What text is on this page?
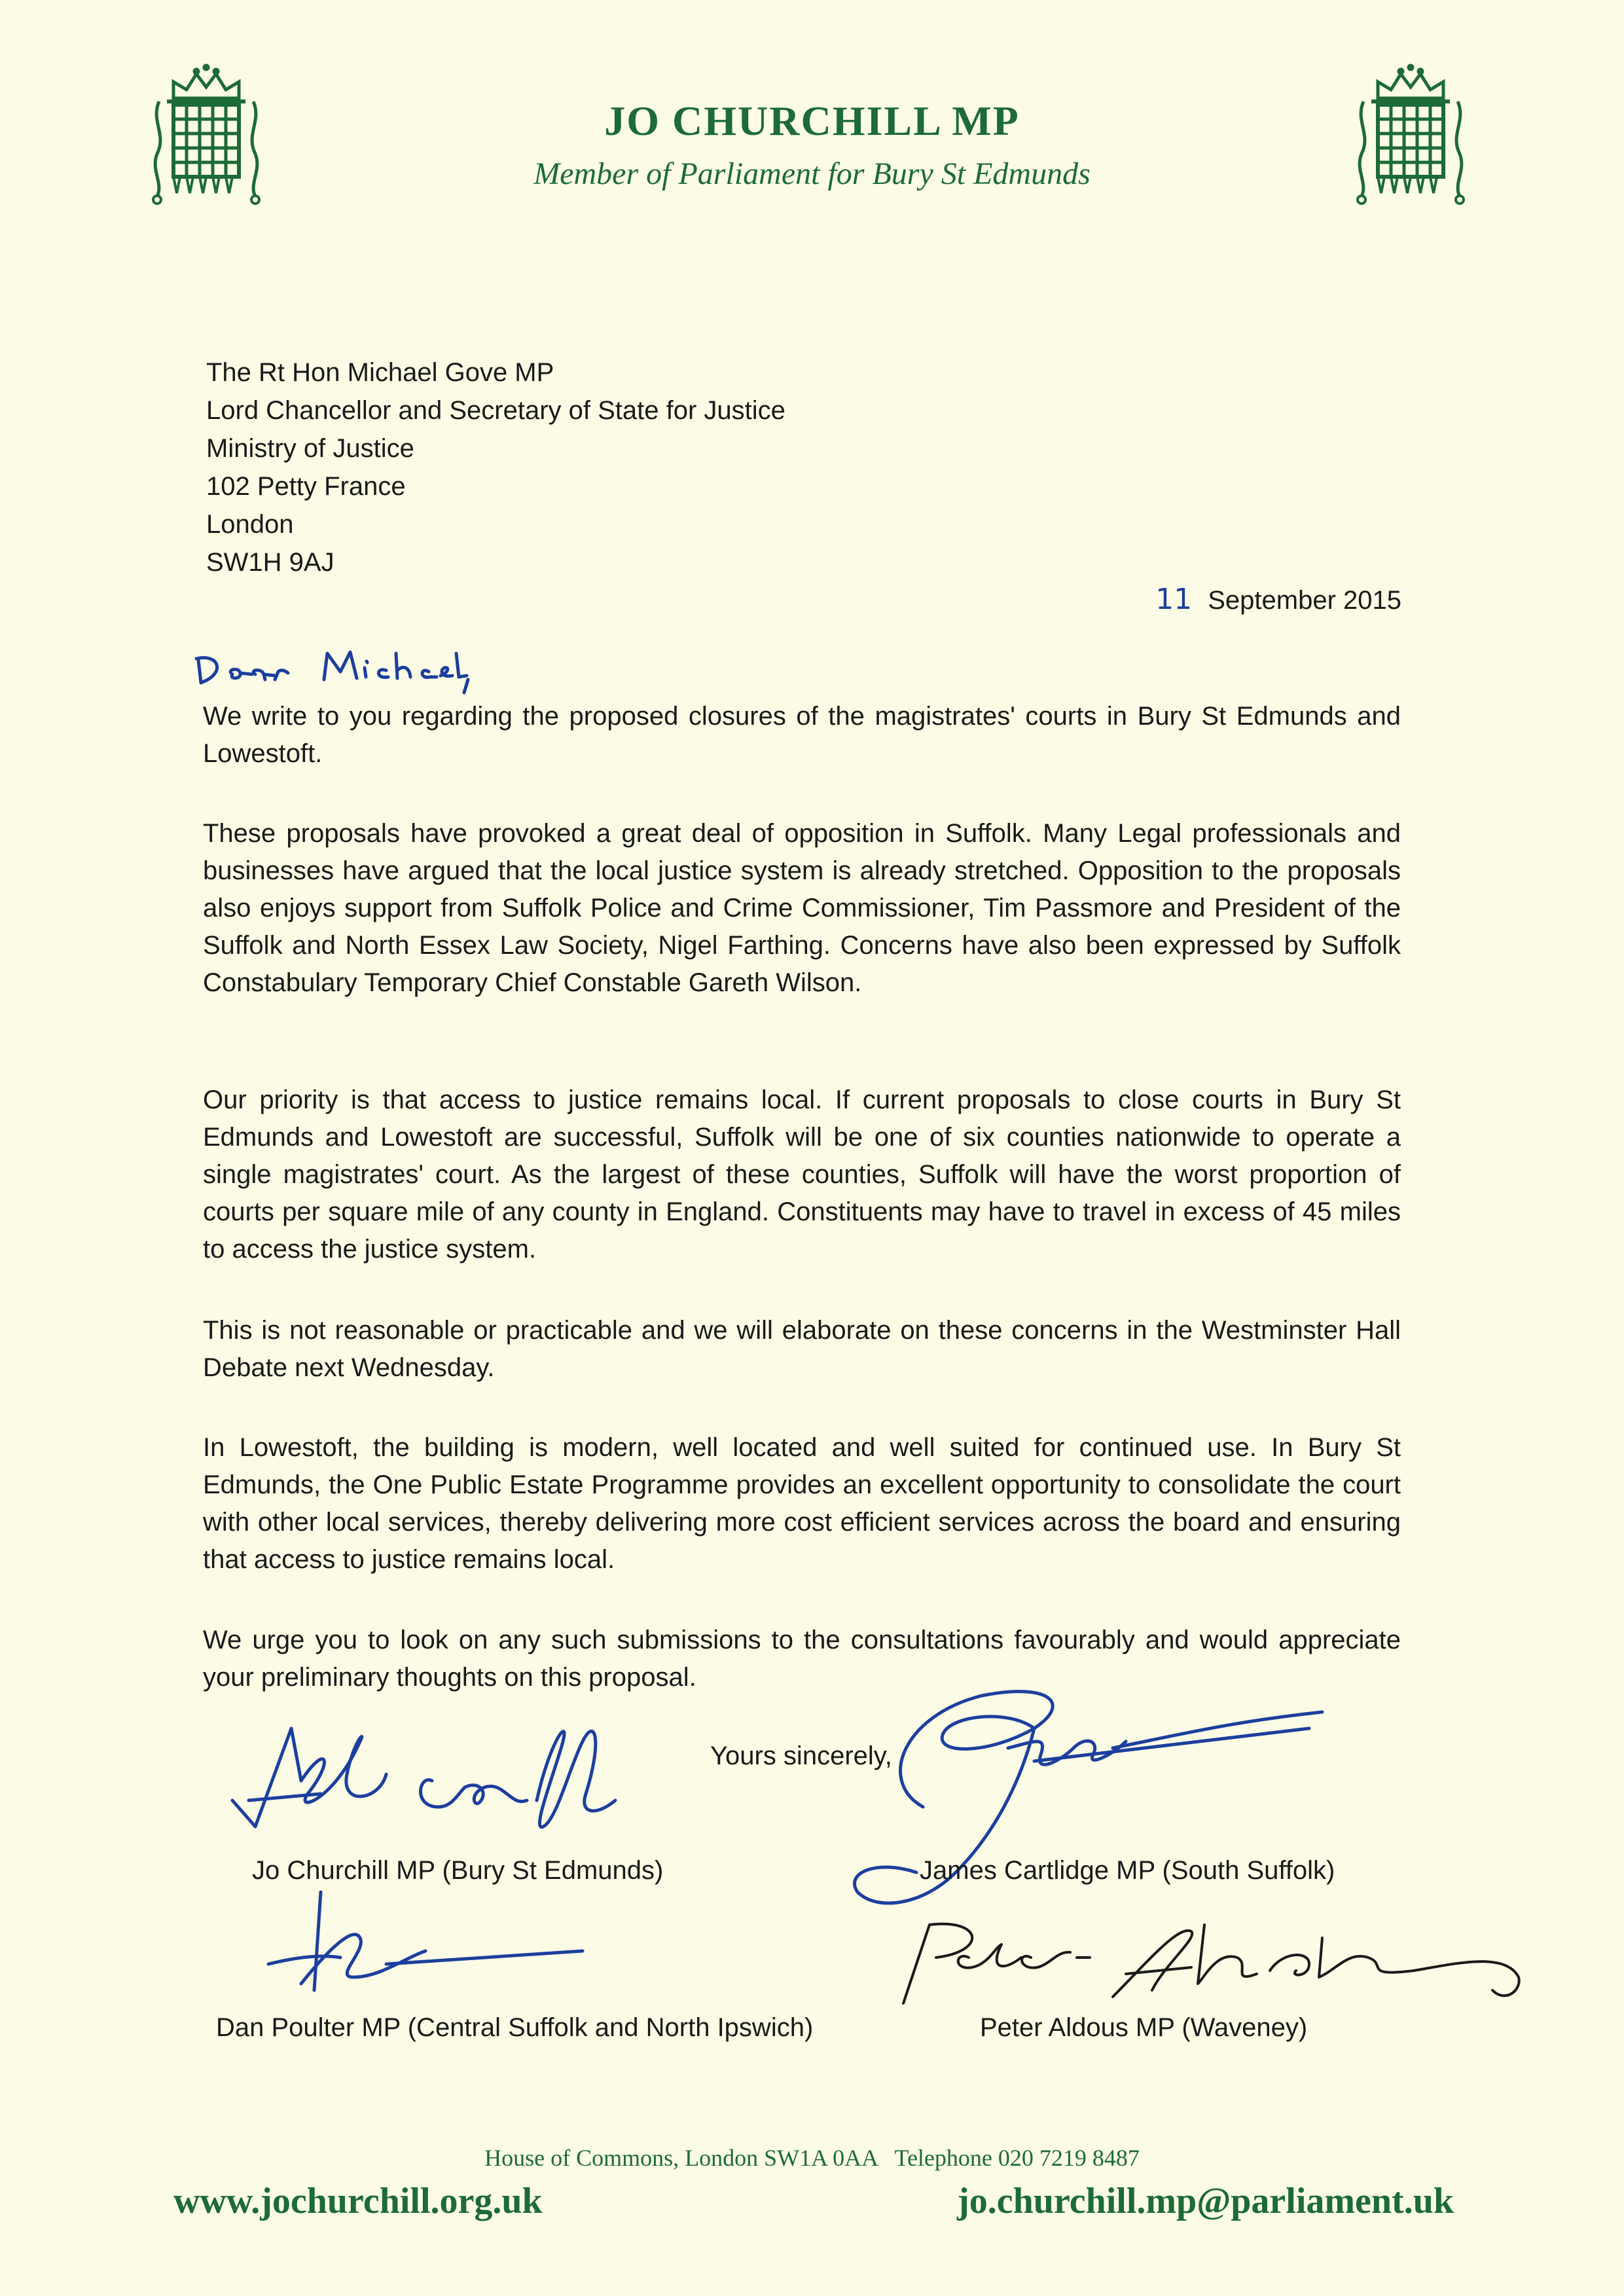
JO CHURCHILL MP
Member of Parliament for Bury St Edmunds
The Rt Hon Michael Gove MP
Lord Chancellor and Secretary of State for Justice
Ministry of Justice
102 Petty France
London
SW1H 9AJ
11 September 2015
We write to you regarding the proposed closures of the magistrates' courts in Bury St Edmunds and Lowestoft.
These proposals have provoked a great deal of opposition in Suffolk. Many Legal professionals and businesses have argued that the local justice system is already stretched. Opposition to the proposals also enjoys support from Suffolk Police and Crime Commissioner, Tim Passmore and President of the Suffolk and North Essex Law Society, Nigel Farthing. Concerns have also been expressed by Suffolk Constabulary Temporary Chief Constable Gareth Wilson.
Our priority is that access to justice remains local. If current proposals to close courts in Bury St Edmunds and Lowestoft are successful, Suffolk will be one of six counties nationwide to operate a single magistrates' court. As the largest of these counties, Suffolk will have the worst proportion of courts per square mile of any county in England. Constituents may have to travel in excess of 45 miles to access the justice system.
This is not reasonable or practicable and we will elaborate on these concerns in the Westminster Hall Debate next Wednesday.
In Lowestoft, the building is modern, well located and well suited for continued use. In Bury St Edmunds, the One Public Estate Programme provides an excellent opportunity to consolidate the court with other local services, thereby delivering more cost efficient services across the board and ensuring that access to justice remains local.
We urge you to look on any such submissions to the consultations favourably and would appreciate your preliminary thoughts on this proposal.
Yours sincerely,
Jo Churchill MP (Bury St Edmunds)	James Cartlidge MP (South Suffolk)
Dan Poulter MP (Central Suffolk and North Ipswich)	Peter Aldous MP (Waveney)
House of Commons, London SW1A 0AA   Telephone 020 7219 8487
www.jochurchill.org.uk	jo.churchill.mp@parliament.uk
